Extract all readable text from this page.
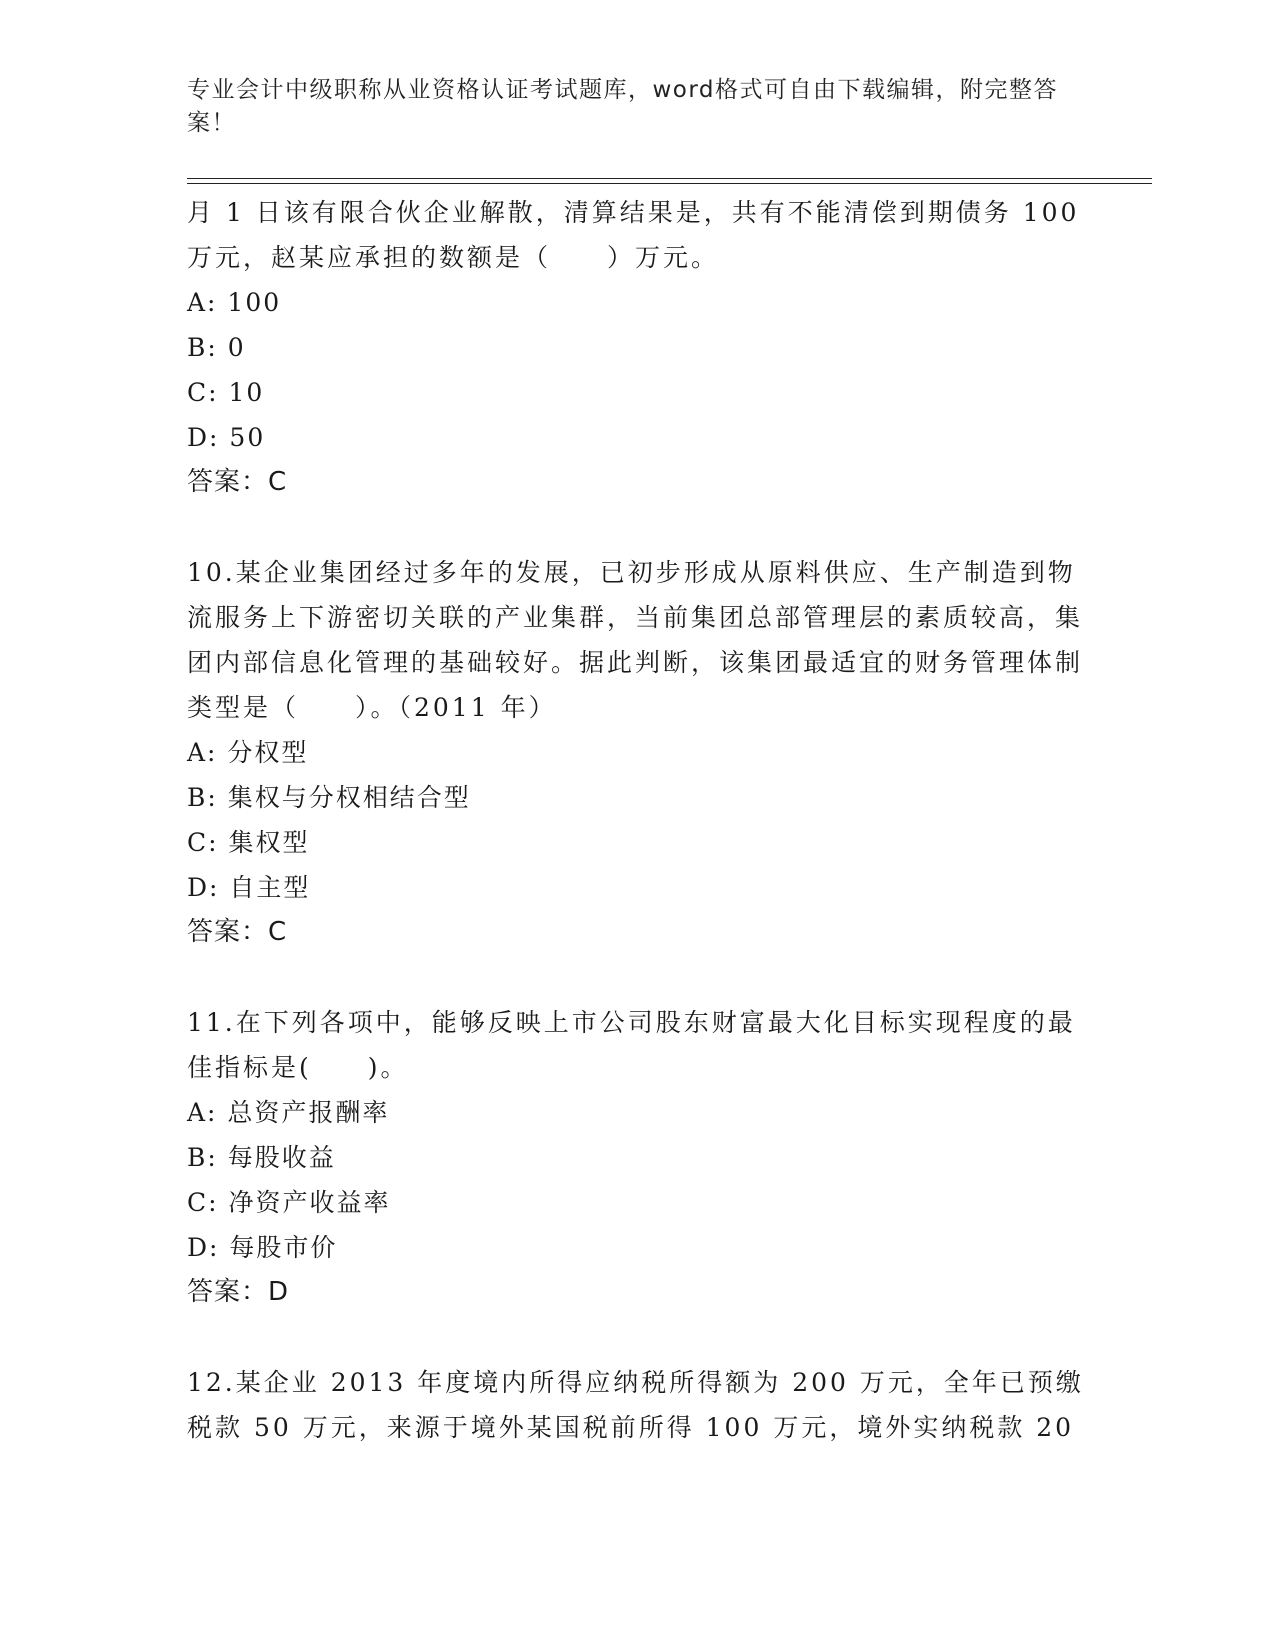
专业会计中级职称从业资格认证考试题库，word格式可自由下载编辑，附完整答案！

月 1 日该有限合伙企业解散，清算结果是，共有不能清偿到期债务 100 万元，赵某应承担的数额是（　　）万元。

A: 100

B: 0

C: 10

D: 50

答案：C

10.某企业集团经过多年的发展，已初步形成从原料供应、生产制造到物流服务上下游密切关联的产业集群，当前集团总部管理层的素质较高，集团内部信息化管理的基础较好。据此判断，该集团最适宜的财务管理体制类型是（　　）。（2011 年）

A: 分权型

B: 集权与分权相结合型

C: 集权型

D: 自主型

答案：C

11.在下列各项中，能够反映上市公司股东财富最大化目标实现程度的最佳指标是(　　)。

A: 总资产报酬率

B: 每股收益

C: 净资产收益率

D: 每股市价

答案：D

12.某企业 2013 年度境内所得应纳税所得额为 200 万元，全年已预缴税款 50 万元，来源于境外某国税前所得 100 万元，境外实纳税款 20
